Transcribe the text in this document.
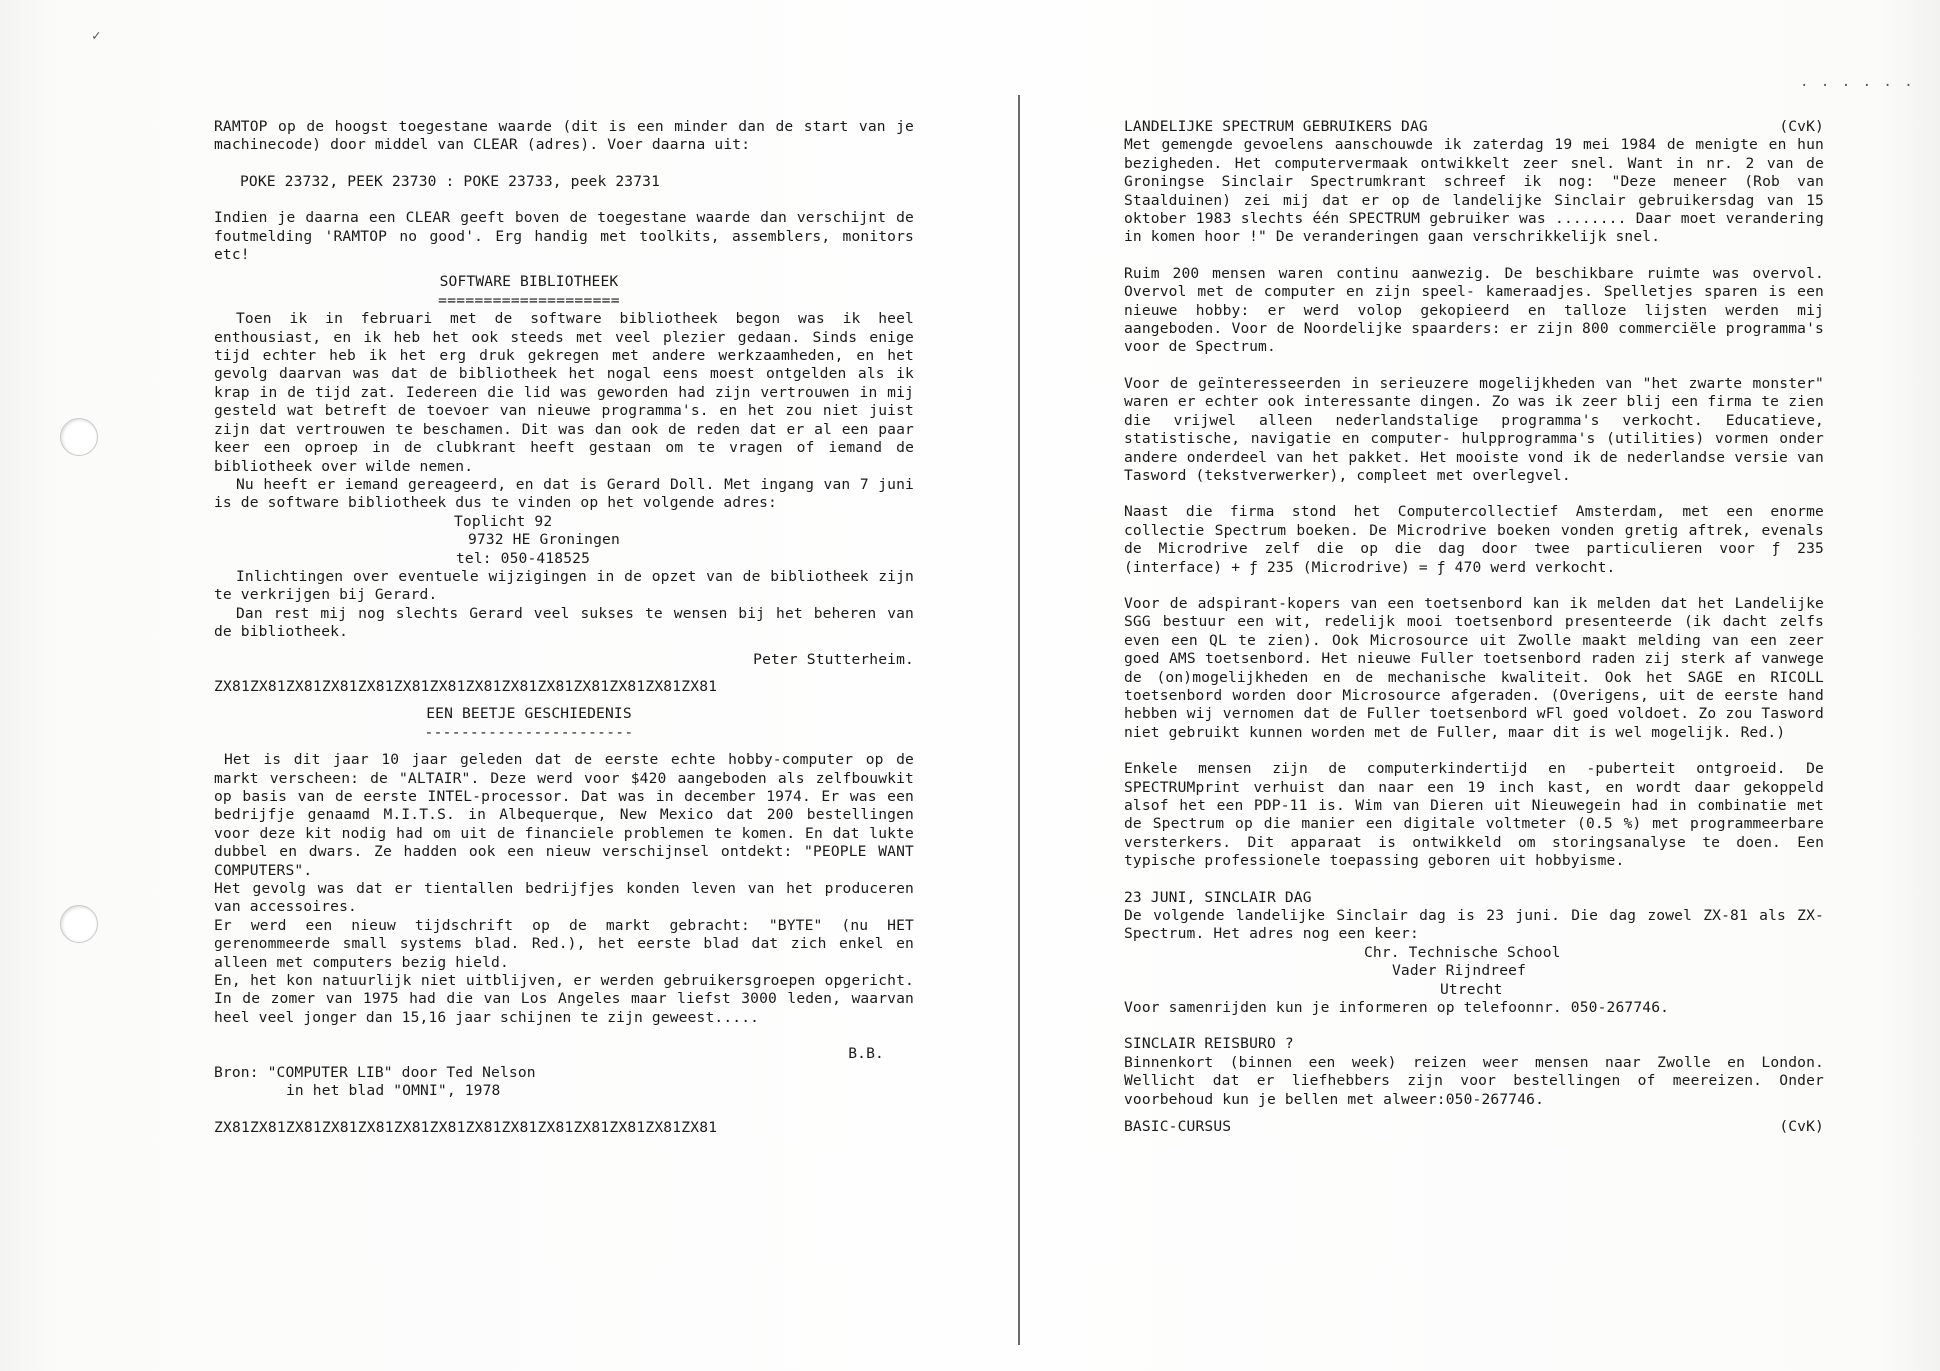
✓
· · · · · ·

RAMTOP op de hoogst toegestane waarde (dit is een minder dan de start van je machinecode) door middel van CLEAR (adres). Voer daarna uit:

POKE 23732, PEEK 23730 : POKE 23733, peek 23731

Indien je daarna een CLEAR geeft boven de toegestane waarde dan verschijnt de foutmelding 'RAMTOP no good'. Erg handig met toolkits, assemblers, monitors etc!

SOFTWARE BIBLIOTHEEK

====================

Toen ik in februari met de software bibliotheek begon was ik heel enthousiast, en ik heb het ook steeds met veel plezier gedaan. Sinds enige tijd echter heb ik het erg druk gekregen met andere werkzaamheden, en het gevolg daarvan was dat de bibliotheek het nogal eens moest ontgelden als ik krap in de tijd zat. Iedereen die lid was geworden had zijn vertrouwen in mij gesteld wat betreft de toevoer van nieuwe programma's. en het zou niet juist zijn dat vertrouwen te beschamen. Dit was dan ook de reden dat er al een paar keer een oproep in de clubkrant heeft gestaan om te vragen of iemand de bibliotheek over wilde nemen.

Nu heeft er iemand gereageerd, en dat is Gerard Doll. Met ingang van 7 juni is de software bibliotheek dus te vinden op het volgende adres:

Toplicht 92

9732 HE Groningen

tel: 050-418525

Inlichtingen over eventuele wijzigingen in de opzet van de bibliotheek zijn te verkrijgen bij Gerard.

Dan rest mij nog slechts Gerard veel sukses te wensen bij het beheren van de bibliotheek.

Peter Stutterheim.

ZX81ZX81ZX81ZX81ZX81ZX81ZX81ZX81ZX81ZX81ZX81ZX81ZX81ZX81

EEN BEETJE GESCHIEDENIS

-----------------------

Het is dit jaar 10 jaar geleden dat de eerste echte hobby-computer op de markt verscheen: de "ALTAIR". Deze werd voor $420 aangeboden als zelfbouwkit op basis van de eerste INTEL-processor. Dat was in december 1974. Er was een bedrijfje genaamd M.I.T.S. in Albequerque, New Mexico dat 200 bestellingen voor deze kit nodig had om uit de financiele problemen te komen. En dat lukte dubbel en dwars. Ze hadden ook een nieuw verschijnsel ontdekt: "PEOPLE WANT COMPUTERS".

Het gevolg was dat er tientallen bedrijfjes konden leven van het produceren van accessoires.

Er werd een nieuw tijdschrift op de markt gebracht: "BYTE" (nu HET gerenommeerde small systems blad. Red.), het eerste blad dat zich enkel en alleen met computers bezig hield.

En, het kon natuurlijk niet uitblijven, er werden gebruikersgroepen opgericht. In de zomer van 1975 had die van Los Angeles maar liefst 3000 leden, waarvan heel veel jonger dan 15,16 jaar schijnen te zijn geweest.....

B.B.

Bron: "COMPUTER LIB" door Ted Nelson

in het blad "OMNI", 1978

ZX81ZX81ZX81ZX81ZX81ZX81ZX81ZX81ZX81ZX81ZX81ZX81ZX81ZX81

LANDELIJKE SPECTRUM GEBRUIKERS DAG	(CvK)

Met gemengde gevoelens aanschouwde ik zaterdag 19 mei 1984 de menigte en hun bezigheden. Het computervermaak ontwikkelt zeer snel. Want in nr. 2 van de Groningse Sinclair Spectrumkrant schreef ik nog: "Deze meneer (Rob van Staalduinen) zei mij dat er op de landelijke Sinclair gebruikersdag van 15 oktober 1983 slechts één SPECTRUM gebruiker was ........ Daar moet verandering in komen hoor !" De veranderingen gaan verschrikkelijk snel.

Ruim 200 mensen waren continu aanwezig. De beschikbare ruimte was overvol. Overvol met de computer en zijn speel- kameraadjes. Spelletjes sparen is een nieuwe hobby: er werd volop gekopieerd en talloze lijsten werden mij aangeboden. Voor de Noordelijke spaarders: er zijn 800 commerciële programma's voor de Spectrum.

Voor de geïnteresseerden in serieuzere mogelijkheden van "het zwarte monster" waren er echter ook interessante dingen. Zo was ik zeer blij een firma te zien die vrijwel alleen nederlandstalige programma's verkocht. Educatieve, statistische, navigatie en computer- hulpprogramma's (utilities) vormen onder andere onderdeel van het pakket. Het mooiste vond ik de nederlandse versie van Tasword (tekstverwerker), compleet met overlegvel.

Naast die firma stond het Computercollectief Amsterdam, met een enorme collectie Spectrum boeken. De Microdrive boeken vonden gretig aftrek, evenals de Microdrive zelf die op die dag door twee particulieren voor ƒ 235 (interface) + ƒ 235 (Microdrive) = ƒ 470 werd verkocht.

Voor de adspirant-kopers van een toetsenbord kan ik melden dat het Landelijke SGG bestuur een wit, redelijk mooi toetsenbord presenteerde (ik dacht zelfs even een QL te zien). Ook Microsource uit Zwolle maakt melding van een zeer goed AMS toetsenbord. Het nieuwe Fuller toetsenbord raden zij sterk af vanwege de (on)mogelijkheden en de mechanische kwaliteit. Ook het SAGE en RICOLL toetsenbord worden door Microsource afgeraden. (Overigens, uit de eerste hand hebben wij vernomen dat de Fuller toetsenbord wFl goed voldoet. Zo zou Tasword niet gebruikt kunnen worden met de Fuller, maar dit is wel mogelijk. Red.)

Enkele mensen zijn de computerkindertijd en -puberteit ontgroeid. De SPECTRUMprint verhuist dan naar een 19 inch kast, en wordt daar gekoppeld alsof het een PDP-11 is. Wim van Dieren uit Nieuwegein had in combinatie met de Spectrum op die manier een digitale voltmeter (0.5 %) met programmeerbare versterkers. Dit apparaat is ontwikkeld om storingsanalyse te doen. Een typische professionele toepassing geboren uit hobbyisme.

23 JUNI, SINCLAIR DAG

De volgende landelijke Sinclair dag is 23 juni. Die dag zowel ZX-81 als ZX-Spectrum. Het adres nog een keer:

Chr. Technische School

Vader Rijndreef

Utrecht

Voor samenrijden kun je informeren op telefoonnr. 050-267746.

SINCLAIR REISBURO ?

Binnenkort (binnen een week) reizen weer mensen naar Zwolle en London. Wellicht dat er liefhebbers zijn voor bestellingen of meereizen. Onder voorbehoud kun je bellen met alweer:050-267746.

BASIC-CURSUS	(CvK)
